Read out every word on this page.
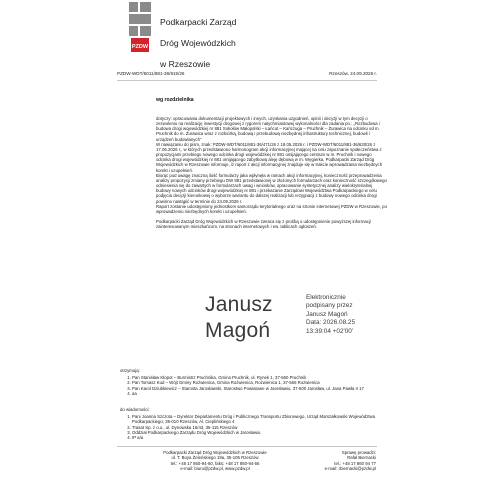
PZDW

Podkarpacki Zarząd

Dróg Wojewódzkich

w Rzeszowie

PZDW-WDT/6011/881-36/915/26	Rzeszów, 24.09.2026 r.
wg rozdzielnika

dotyczy: opracowania dokumentacji projektowych i innych, uzyskania uzgodnień, opinii i decyzji w tym decyzji o zezwoleniu na realizację inwestycji drogowej z rygorem natychmiastowej wykonalności dla zadania pn.: „Rozbudowa i budowa drogi wojewódzkiej nr 881 Sokołów Małopolski – Łańcut – Kańczuga – Pruchnik – Żurawica na odcinku od m. Pruchnik do m. Żurawica wraz z rozbiórką, budową i przebudową niezbędnej infrastruktury technicznej, budowli i urządzeń budowlanych”

W nawiązaniu do pism, znak: PZDW-WDT/6011/881-36/471/26 z 18.05.2026 r. i PZDW-WDT/6011/881-36/630/26 z 17.06.2026 r., w których przedstawiono harmonogram akcji informacyjnej mającej na celu zapoznanie społeczeństwa z propozycjami przebiegu nowego odcinka drogi wojewódzkiej nr 881 omijającego centrum w m. Pruchnik i nowego odcinka drogi wojewódzkiej nr 881 omijającego zabytkową aleję dębową w m. Węgierka, Podkarpacki Zarząd Dróg Wojewódzkich w Rzeszowie informuje, iż raport z akcji informacyjnej znajduje się w trakcie wprowadzania niezbędnych korekt i uzupełnień.

Biorąc pod uwagę znaczną ilość formularzy jaka wpłynęła w ramach akcji informacyjnej, konieczność przeprowadzenia analizy propozycji zmiany przebiegu DW 881 przedstawionej w złożonych formularzach oraz konieczność szczegółowego odniesienia się do zawartych w formularzach uwag i wniosków, opracowanie syntetycznej analizy wielokryterialnej budowy nowych odcinków drogi wojewódzkiej nr 881 i przekazanie Zarządowi Województwa Podkarpackiego w celu podjęcia decyzji kierunkowej o wyborze wariantu do dalszej realizacji lub rezygnacji z budowy nowego odcinka drogi powinno nastąpić w terminie do 24.09.2026 r.

Raport zostanie udostępniony jednostkom samorządu terytorialnego oraz na stronie internetowej PZDW w Rzeszowie, po wprowadzeniu niezbędnych korekt i uzupełnień.

Podkarpacki Zarząd Dróg Wojewódzkich w Rzeszowie zwraca się z prośbą o udostępnienie powyższej informacji zainteresowanym mieszkańcom, na stronach internetowych i ew. tablicach ogłoszeń.

Janusz
Magoń
Elektronicznie
podpisany przez
Janusz Magoń
Data: 2026.08.25
13:39:04 +02'00'
otrzymują:
1. Pan Stanisław Kłopot – Burmistrz Pruchnika, Gmina Pruchnik, ul. Rynek 1, 37-560 Pruchnik
2. Pan Tomasz Kud – Wójt Gminy Rożwienica, Gmina Rożwienica, Rożwienica 1, 37-565 Rożwienica
3. Pan Karol Dziubkiewicz – Starosta Jarosławski, Starostwo Powiatowe w Jarosławiu, 37-500 Jarosław, ul. Jana Pawła II 17
4. aa
do wiadomości:
1. Pani Joanna Szczota – Dyrektor Departamentu Dróg i Publicznego Transportu Zbiorowego, Urząd Marszałkowski Województwa Podkarpackiego, 35-010 Rzeszów, Al. Cieplińskiego 4
2. Trasat Sp. z o.o., ul. Dynowska 15/43, 35-115 Rzeszów
3. Oddział Podkarpackiego Zarządu Dróg Wojewódzkich w Jarosławiu
4. IP a/a
Podkarpacki Zarząd Dróg Wojewódzkich w Rzeszowie
ul. T. Boya Żeleńskiego 19a, 35-105 Rzeszów
tel.: +48 17 860-94-60, faks: +48 17 860-94-56
e-mail: biuro@pzdw.pl, www.pzdw.pl
Sprawę prowadzi:
Rafał Biernacki
tel.: +48 17 860 94 77
e-mail: rbiernacki@pzdw.pl
